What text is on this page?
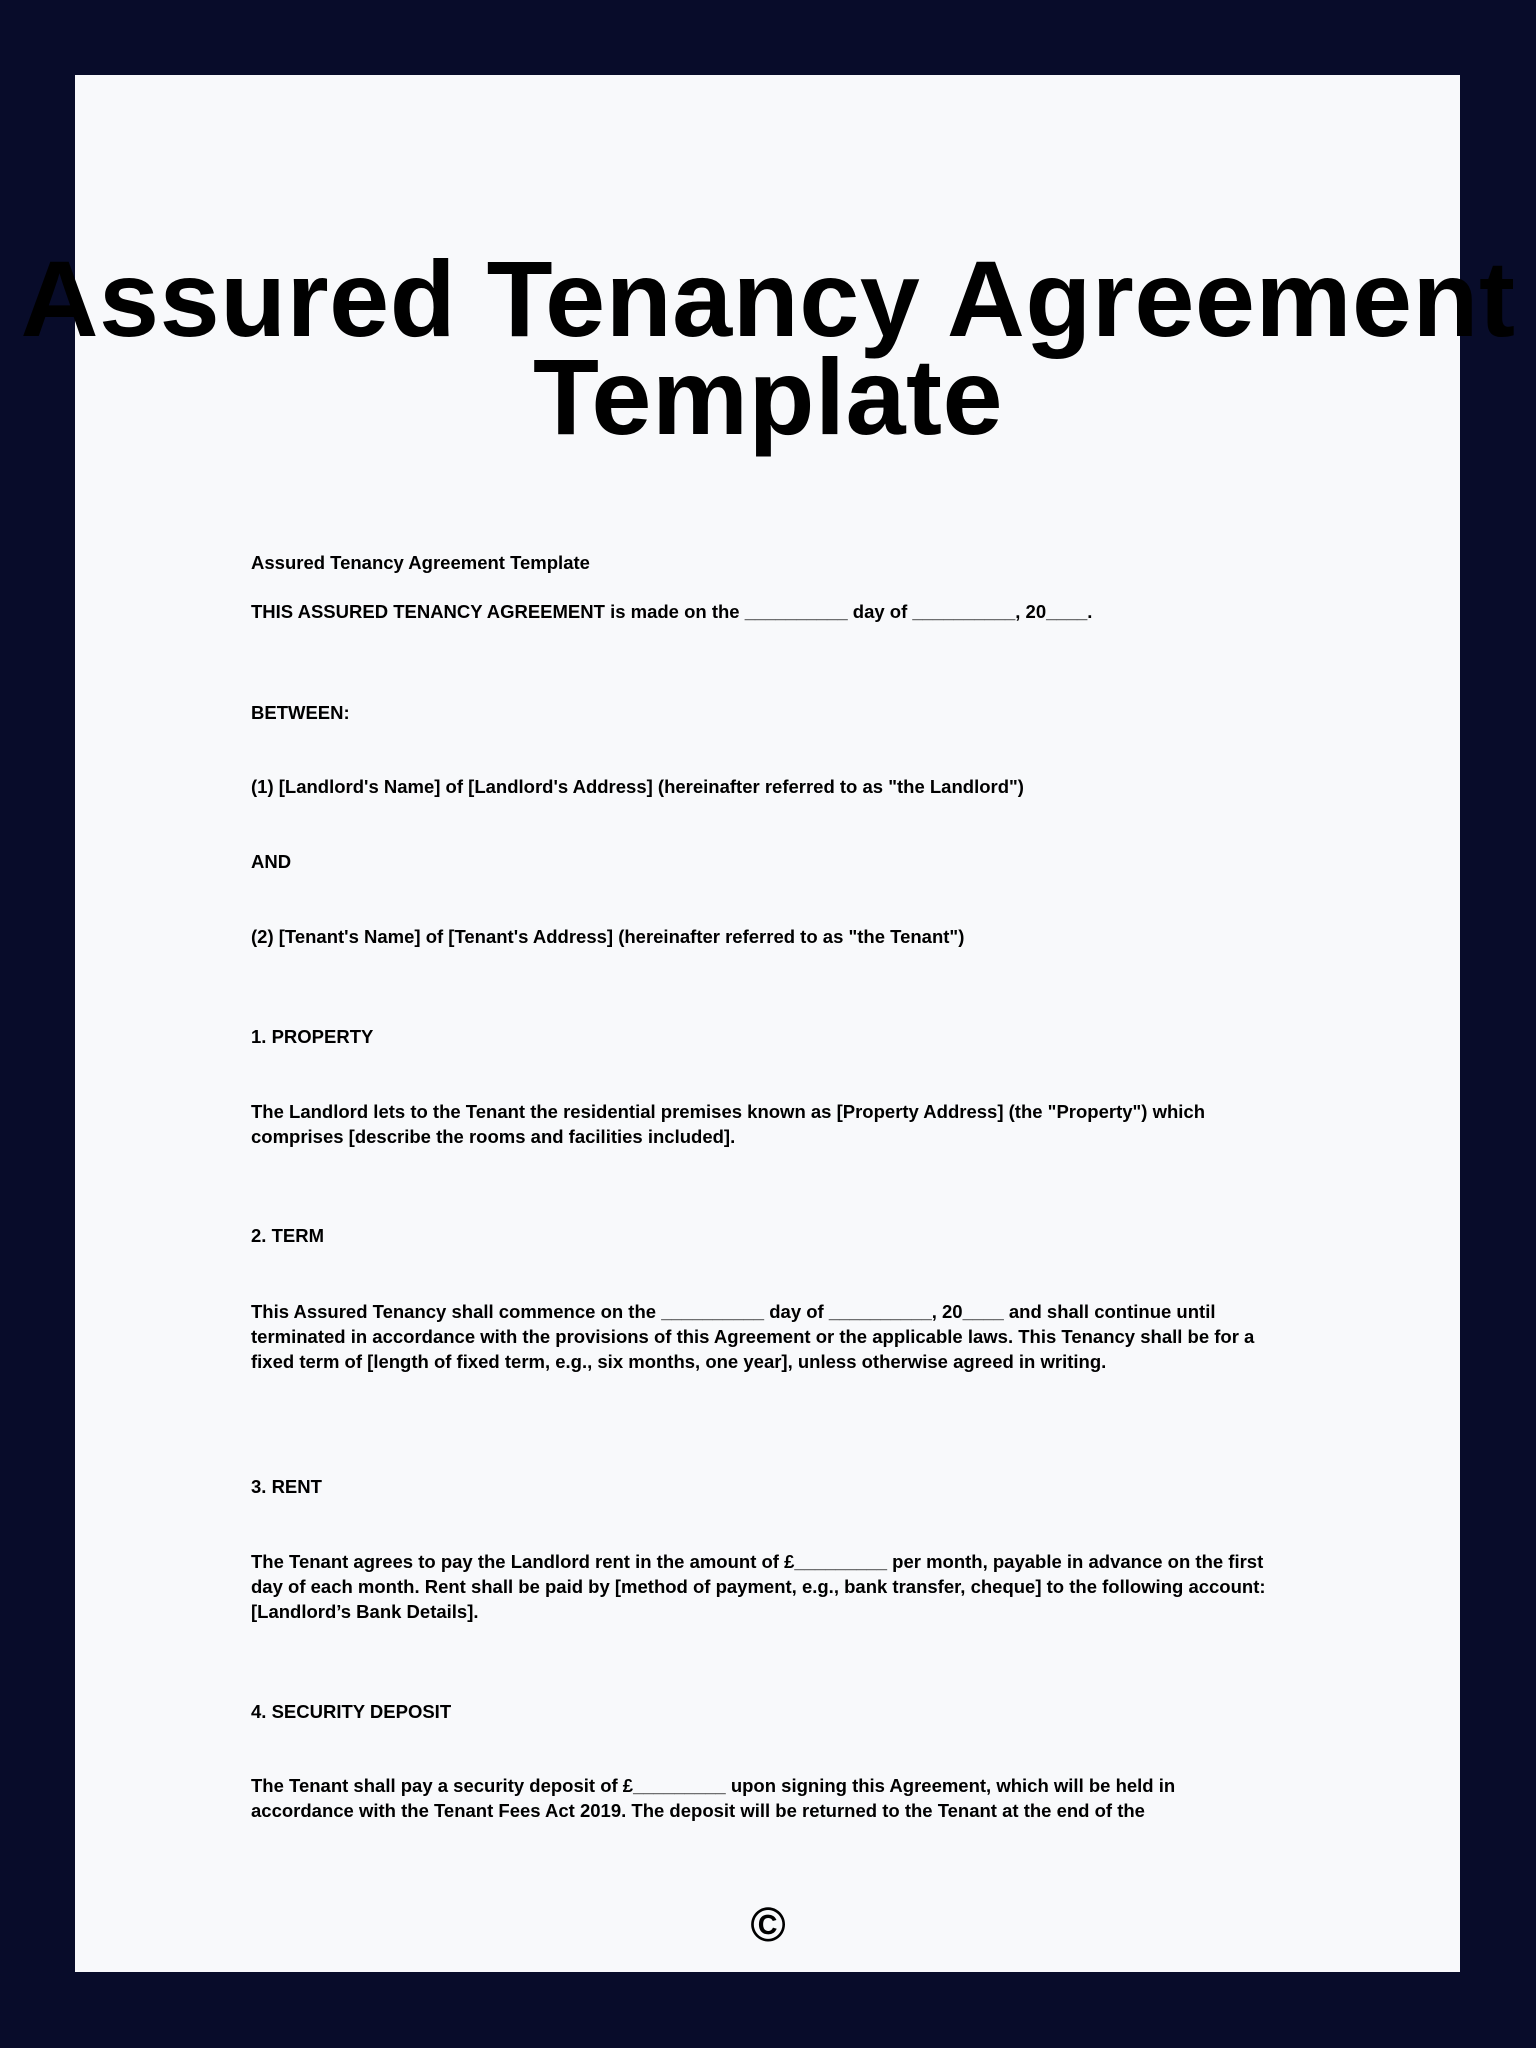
Assured Tenancy Agreement
Template
Assured Tenancy Agreement Template
THIS ASSURED TENANCY AGREEMENT is made on the __________ day of __________, 20____.
BETWEEN:
(1) [Landlord's Name] of [Landlord's Address] (hereinafter referred to as "the Landlord")
AND
(2) [Tenant's Name] of [Tenant's Address] (hereinafter referred to as "the Tenant")
1. PROPERTY
The Landlord lets to the Tenant the residential premises known as [Property Address] (the "Property") which comprises [describe the rooms and facilities included].
2. TERM
This Assured Tenancy shall commence on the __________ day of __________, 20____ and shall continue until terminated in accordance with the provisions of this Agreement or the applicable laws. This Tenancy shall be for a fixed term of [length of fixed term, e.g., six months, one year], unless otherwise agreed in writing.
3. RENT
The Tenant agrees to pay the Landlord rent in the amount of £_________ per month, payable in advance on the first day of each month. Rent shall be paid by [method of payment, e.g., bank transfer, cheque] to the following account: [Landlord’s Bank Details].
4. SECURITY DEPOSIT
The Tenant shall pay a security deposit of £_________ upon signing this Agreement, which will be held in accordance with the Tenant Fees Act 2019. The deposit will be returned to the Tenant at the end of the
©
